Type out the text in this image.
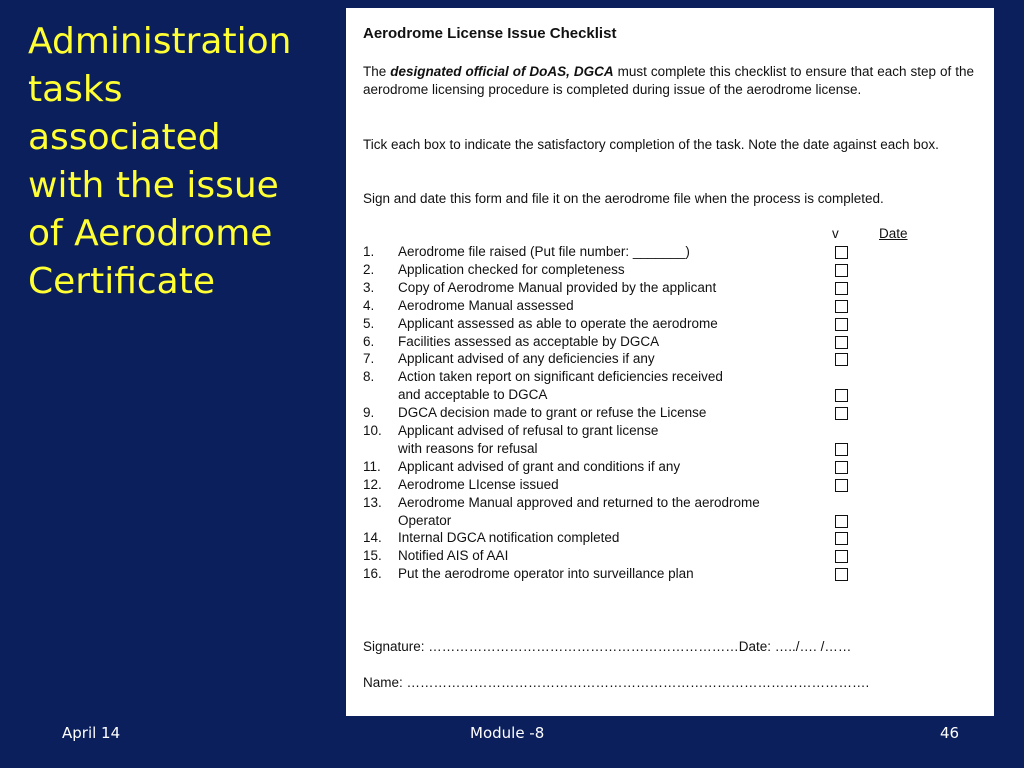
Administration
tasks
associated
with the issue
of Aerodrome
Certificate
Aerodrome License Issue Checklist
The designated official of DoAS, DGCA must complete this checklist to ensure that each step of the aerodrome licensing procedure is completed during issue of the aerodrome license.
Tick each box to indicate the satisfactory completion of the task. Note the date against each box.
Sign and date this form and file it on the aerodrome file when the process is completed.
v	Date
1. Aerodrome file raised (Put file number: _______)
2. Application checked for completeness
3. Copy of Aerodrome Manual provided by the applicant
4. Aerodrome Manual assessed
5. Applicant assessed as able to operate the aerodrome
6. Facilities assessed as acceptable by DGCA
7. Applicant advised of any deficiencies if any
8. Action taken report on significant deficiencies received
and acceptable to DGCA
9. DGCA decision made to grant or refuse the License
10. Applicant advised of refusal to grant license
with reasons for refusal
11. Applicant advised of grant and conditions if any
12. Aerodrome LIcense issued
13. Aerodrome Manual approved and returned to the aerodrome
Operator
14. Internal DGCA notification completed
15. Notified AIS of AAI
16. Put the aerodrome operator into surveillance plan
Signature: ……………………………………………………………Date: …../…. /……
Name: ………………………………………………………………………………………….
April 14	Module -8	46
